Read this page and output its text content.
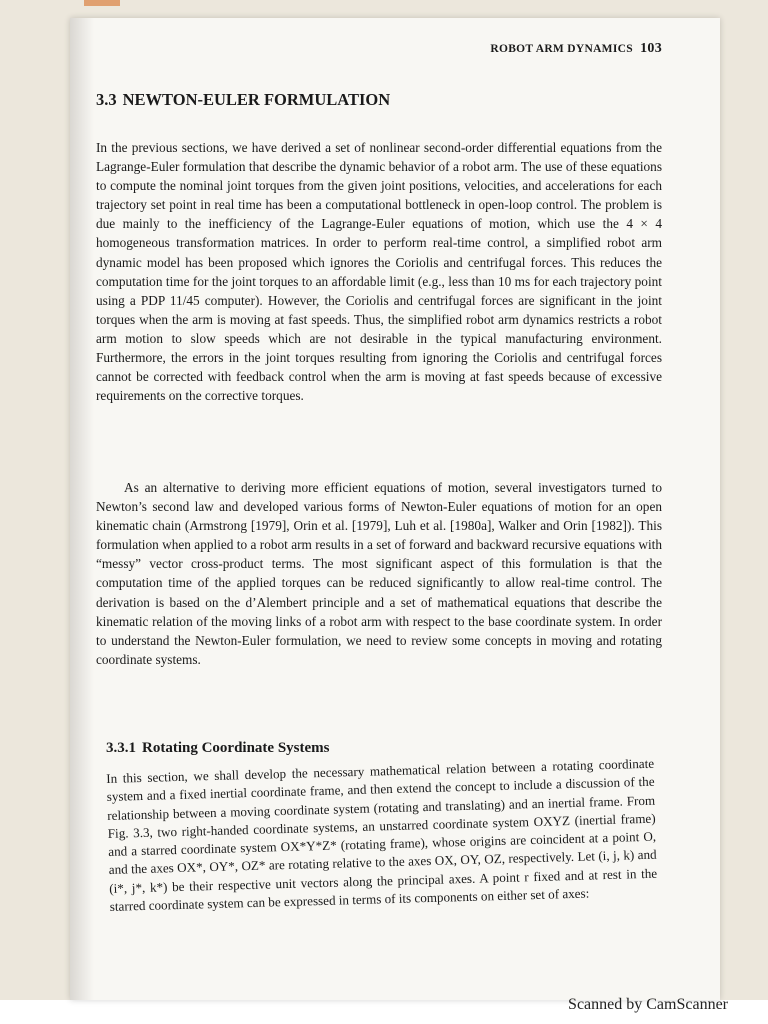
ROBOT ARM DYNAMICS 103
3.3 NEWTON-EULER FORMULATION

In the previous sections, we have derived a set of nonlinear second-order differential equations from the Lagrange-Euler formulation that describe the dynamic behavior of a robot arm. The use of these equations to compute the nominal joint torques from the given joint positions, velocities, and accelerations for each trajectory set point in real time has been a computational bottleneck in open-loop control. The problem is due mainly to the inefficiency of the Lagrange-Euler equations of motion, which use the 4 × 4 homogeneous transformation matrices. In order to perform real-time control, a simplified robot arm dynamic model has been proposed which ignores the Coriolis and centrifugal forces. This reduces the computation time for the joint torques to an affordable limit (e.g., less than 10 ms for each trajectory point using a PDP 11/45 computer). However, the Coriolis and centrifugal forces are significant in the joint torques when the arm is moving at fast speeds. Thus, the simplified robot arm dynamics restricts a robot arm motion to slow speeds which are not desirable in the typical manufacturing environment. Furthermore, the errors in the joint torques resulting from ignoring the Coriolis and centrifugal forces cannot be corrected with feedback control when the arm is moving at fast speeds because of excessive requirements on the corrective torques.

As an alternative to deriving more efficient equations of motion, several investigators turned to Newton’s second law and developed various forms of Newton-Euler equations of motion for an open kinematic chain (Armstrong [1979], Orin et al. [1979], Luh et al. [1980a], Walker and Orin [1982]). This formulation when applied to a robot arm results in a set of forward and backward recursive equations with “messy” vector cross-product terms. The most significant aspect of this formulation is that the computation time of the applied torques can be reduced significantly to allow real-time control. The derivation is based on the d’Alembert principle and a set of mathematical equations that describe the kinematic relation of the moving links of a robot arm with respect to the base coordinate system. In order to understand the Newton-Euler formulation, we need to review some concepts in moving and rotating coordinate systems.

3.3.1 Rotating Coordinate Systems

In this section, we shall develop the necessary mathematical relation between a rotating coordinate system and a fixed inertial coordinate frame, and then extend the concept to include a discussion of the relationship between a moving coordinate system (rotating and translating) and an inertial frame. From Fig. 3.3, two right-handed coordinate systems, an unstarred coordinate system OXYZ (inertial frame) and a starred coordinate system OX*Y*Z* (rotating frame), whose origins are coincident at a point O, and the axes OX*, OY*, OZ* are rotating relative to the axes OX, OY, OZ, respectively. Let (i, j, k) and (i*, j*, k*) be their respective unit vectors along the principal axes. A point r fixed and at rest in the starred coordinate system can be expressed in terms of its components on either set of axes:

Scanned by CamScanner
